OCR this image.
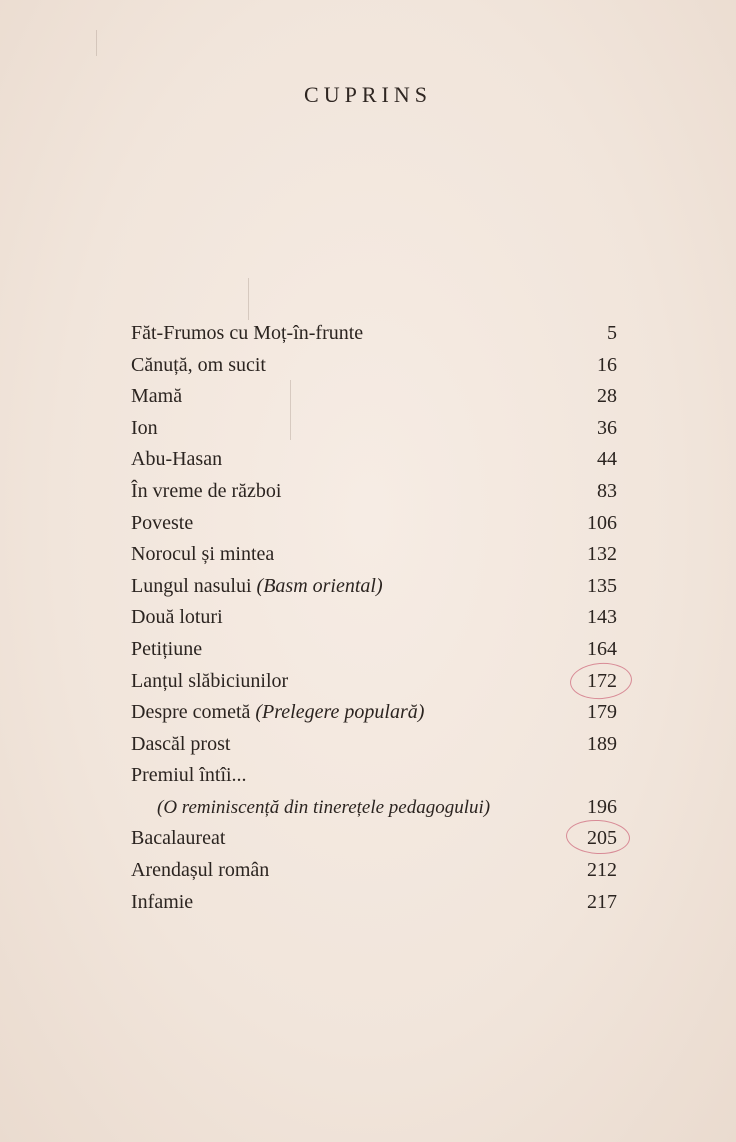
CUPRINS
Făt-Frumos cu Moț-în-frunte	5
Cănuță, om sucit	16
Mamă	28
Ion	36
Abu-Hasan	44
În vreme de război	83
Poveste	106
Norocul și mintea	132
Lungul nasului (Basm oriental)	135
Două loturi	143
Petițiune	164
Lanțul slăbiciunilor	172
Despre cometă (Prelegere populară)	179
Dascăl prost	189
Premiul întîi...
(O reminiscență din tinerețele pedagogului)	196
Bacalaureat	205
Arendașul român	212
Infamie	217
